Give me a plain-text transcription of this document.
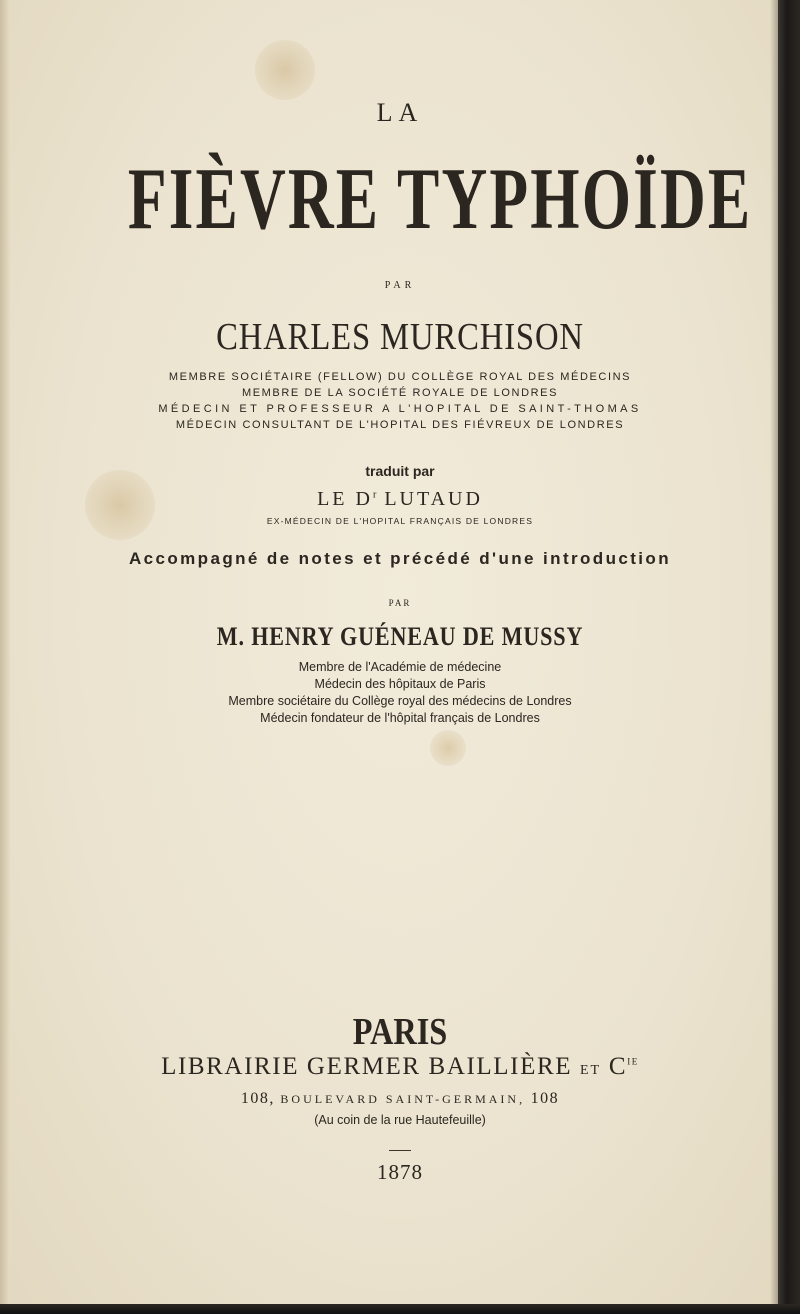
LA

FIÈVRE TYPHOÏDE

PAR

CHARLES MURCHISON

MEMBRE SOCIÉTAIRE (FELLOW) DU COLLÈGE ROYAL DES MÉDECINS

MEMBRE DE LA SOCIÉTÉ ROYALE DE LONDRES

MÉDECIN ET PROFESSEUR A L'HOPITAL DE SAINT-THOMAS

MÉDECIN CONSULTANT DE L'HOPITAL DES FIÉVREUX DE LONDRES

traduit par

LE $D^r$ LUTAUD

EX-MÉDECIN DE L'HOPITAL FRANÇAIS DE LONDRES

Accompagné de notes et précédé d'une introduction

PAR

M. HENRY GUÉNEAU DE MUSSY

Membre de l'Académie de médecine

Médecin des hôpitaux de Paris

Membre sociétaire du Collège royal des médecins de Londres

Médecin fondateur de l'hôpital français de Londres

PARIS

LIBRAIRIE GERMER BAILLIÈRE ET $C^{IE}$

108, BOULEVARD SAINT-GERMAIN, 108

(Au coin de la rue Hautefeuille)

1878
